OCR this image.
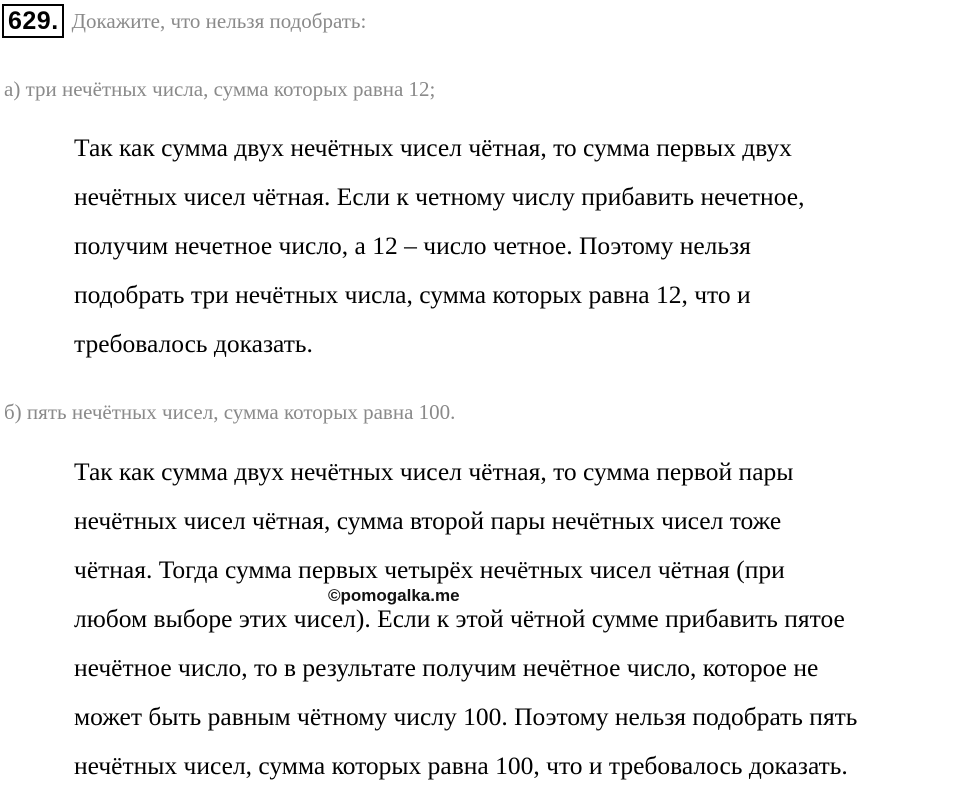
629. Докажите, что нельзя подобрать:
а) три нечётных числа, сумма которых равна 12;
Так как сумма двух нечётных чисел чётная, то сумма первых двух
нечётных чисел чётная. Если к четному числу прибавить нечетное,
получим нечетное число, а 12 – число четное. Поэтому нельзя
подобрать три нечётных числа, сумма которых равна 12, что и
требовалось доказать.
б) пять нечётных чисел, сумма которых равна 100.
Так как сумма двух нечётных чисел чётная, то сумма первой пары
нечётных чисел чётная, сумма второй пары нечётных чисел тоже
чётная. Тогда сумма первых четырёх нечётных чисел чётная (при
любом выборе этих чисел). Если к этой чётной сумме прибавить пятое
нечётное число, то в результате получим нечётное число, которое не
может быть равным чётному числу 100. Поэтому нельзя подобрать пять
нечётных чисел, сумма которых равна 100, что и требовалось доказать.
©pomogalka.me
